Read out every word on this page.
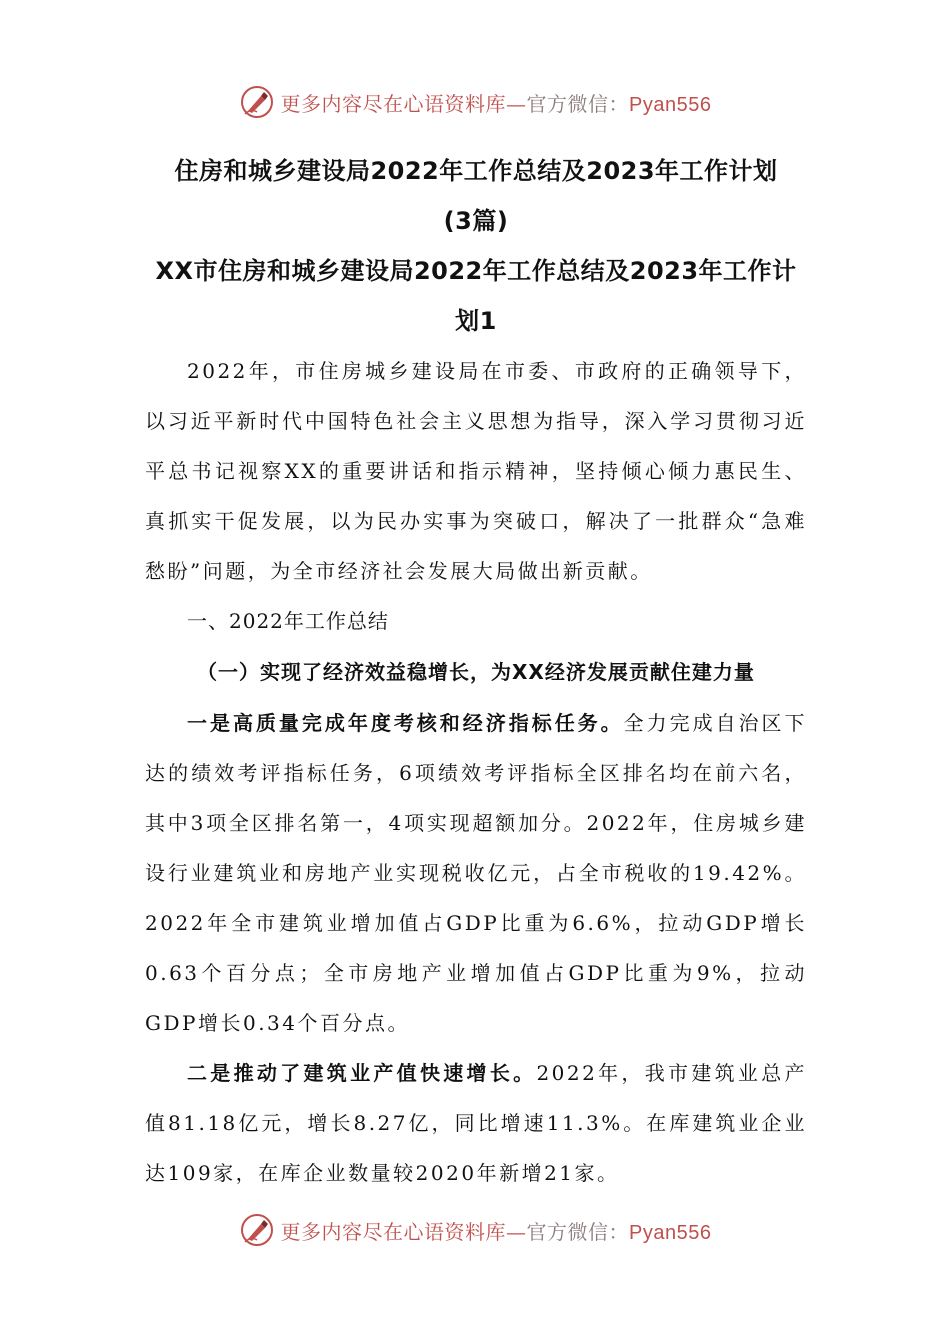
更多内容尽在心语资料库—官方微信：Pyan556

住房和城乡建设局2022年工作总结及2023年工作计划

(3篇)

XX市住房和城乡建设局2022年工作总结及2023年工作计

划1

2022年，市住房城乡建设局在市委、市政府的正确领导下，以习近平新时代中国特色社会主义思想为指导，深入学习贯彻习近平总书记视察XX的重要讲话和指示精神，坚持倾心倾力惠民生、真抓实干促发展，以为民办实事为突破口，解决了一批群众“急难愁盼”问题，为全市经济社会发展大局做出新贡献。

一、2022年工作总结

（一）实现了经济效益稳增长，为XX经济发展贡献住建力量

一是高质量完成年度考核和经济指标任务。全力完成自治区下达的绩效考评指标任务，6项绩效考评指标全区排名均在前六名，其中3项全区排名第一，4项实现超额加分。2022年，住房城乡建设行业建筑业和房地产业实现税收亿元，占全市税收的19.42%。2022年全市建筑业增加值占GDP比重为6.6%，拉动GDP增长0.63个百分点；全市房地产业增加值占GDP比重为9%，拉动GDP增长0.34个百分点。

二是推动了建筑业产值快速增长。2022年，我市建筑业总产值81.18亿元，增长8.27亿，同比增速11.3%。在库建筑业企业达109家，在库企业数量较2020年新增21家。

更多内容尽在心语资料库—官方微信：Pyan556
